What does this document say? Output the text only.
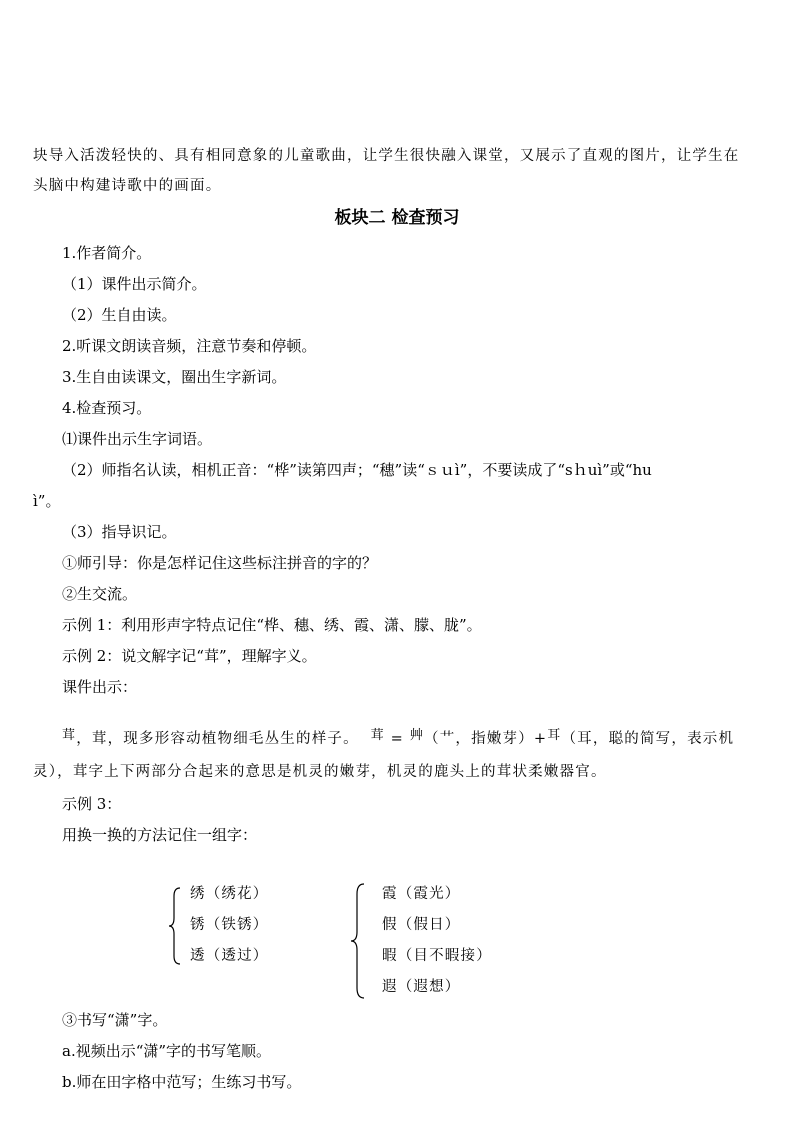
块导入活泼轻快的、具有相同意象的儿童歌曲，让学生很快融入课堂，又展示了直观的图片，让学生在
头脑中构建诗歌中的画面。
板块二 检查预习
1.作者简介。
（1）课件出示简介。
（2）生自由读。
2.听课文朗读音频，注意节奏和停顿。
3.生自由读课文，圈出生字新词。
4.检查预习。
⑴课件出示生字词语。
（2）师指名认读，相机正音：“桦”读第四声；“穗”读“ｓｕì”，不要读成了“sｈuì”或“hu
ì”。
（3）指导识记。
①师引导：你是怎样记住这些标注拼音的字的？
②生交流。
示例 1：利用形声字特点记住“桦、穗、绣、霞、潇、朦、胧”。
示例 2：说文解字记“茸”，理解字义。
课件出示：
茸，茸，现多形容动植物细毛丛生的样子。 茸 = 艸（艹，指嫩芽）+耳（耳，聪的简写，表示机
灵），茸字上下两部分合起来的意思是机灵的嫩芽，机灵的鹿头上的茸状柔嫩器官。
示例 3：
用换一换的方法记住一组字：
绣（绣花）
锈（铁锈）
透（透过）
霞（霞光）
假（假日）
暇（目不暇接）
遐（遐想）
③书写“潇”字。
a.视频出示“潇”字的书写笔顺。
b.师在田字格中范写；生练习书写。
